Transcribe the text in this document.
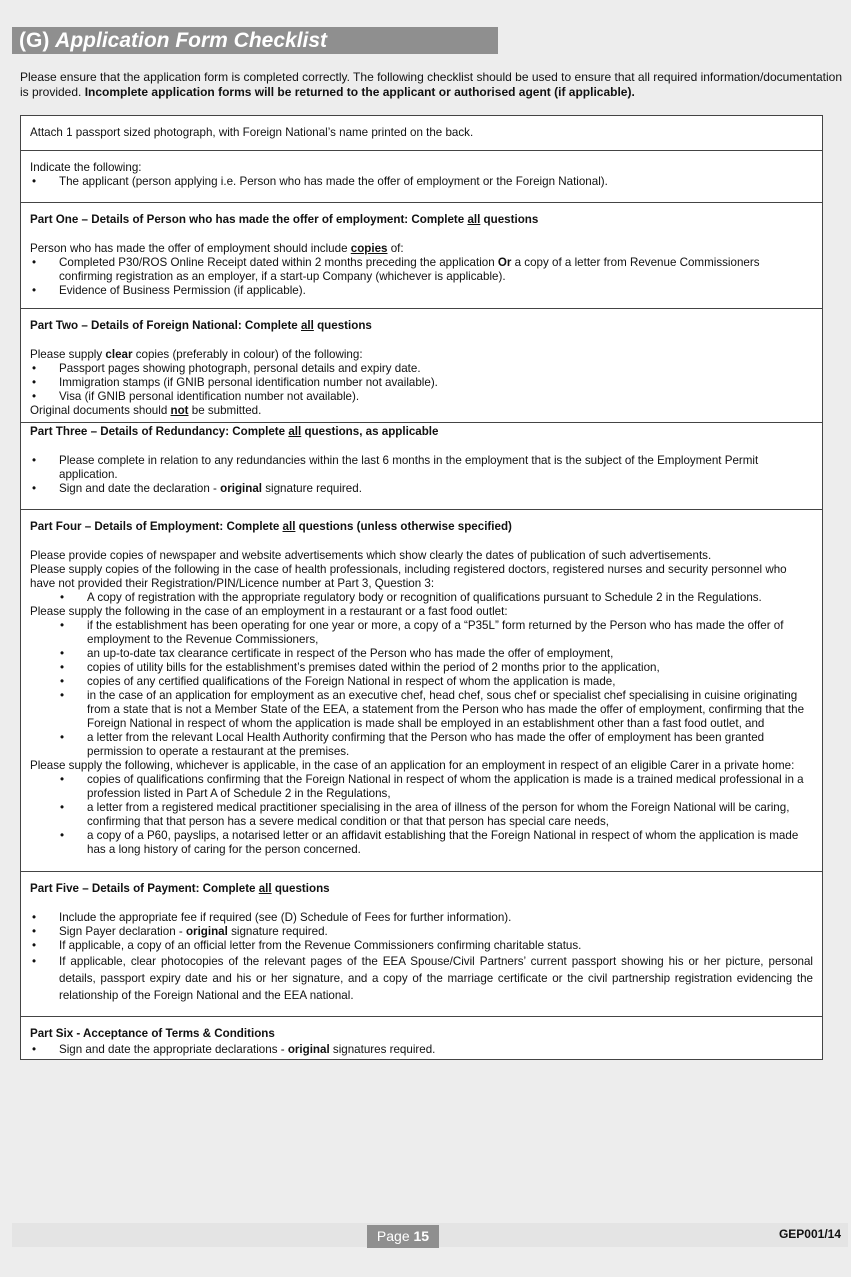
(G) Application Form Checklist
Please ensure that the application form is completed correctly. The following checklist should be used to ensure that all required information/documentation is provided. Incomplete application forms will be returned to the applicant or authorised agent (if applicable).

Attach 1 passport sized photograph, with Foreign National’s name printed on the back.

Indicate the following:

• The applicant (person applying i.e. Person who has made the offer of employment or the Foreign National).

Part One – Details of Person who has made the offer of employment: Complete all questions

Person who has made the offer of employment should include copies of:

• Completed P30/ROS Online Receipt dated within 2 months preceding the application Or a copy of a letter from Revenue Commissioners confirming registration as an employer, if a start-up Company (whichever is applicable).
• Evidence of Business Permission (if applicable).

Part Two – Details of Foreign National: Complete all questions

Please supply clear copies (preferably in colour) of the following:

• Passport pages showing photograph, personal details and expiry date.
• Immigration stamps (if GNIB personal identification number not available).
• Visa (if GNIB personal identification number not available).

Original documents should not be submitted.

Part Three – Details of Redundancy: Complete all questions, as applicable

• Please complete in relation to any redundancies within the last 6 months in the employment that is the subject of the Employment Permit application.
• Sign and date the declaration - original signature required.

Part Four – Details of Employment: Complete all questions (unless otherwise specified)

Please provide copies of newspaper and website advertisements which show clearly the dates of publication of such advertisements.

Please supply copies of the following in the case of health professionals, including registered doctors, registered nurses and security personnel who have not provided their Registration/PIN/Licence number at Part 3, Question 3:

• A copy of registration with the appropriate regulatory body or recognition of qualifications pursuant to Schedule 2 in the Regulations.

Please supply the following in the case of an employment in a restaurant or a fast food outlet:

• if the establishment has been operating for one year or more, a copy of a “P35L” form returned by the Person who has made the offer of employment to the Revenue Commissioners,
• an up-to-date tax clearance certificate in respect of the Person who has made the offer of employment,
• copies of utility bills for the establishment’s premises dated within the period of 2 months prior to the application,
• copies of any certified qualifications of the Foreign National in respect of whom the application is made,
• in the case of an application for employment as an executive chef, head chef, sous chef or specialist chef specialising in cuisine originating from a state that is not a Member State of the EEA, a statement from the Person who has made the offer of employment, confirming that the Foreign National in respect of whom the application is made shall be employed in an establishment other than a fast food outlet, and
• a letter from the relevant Local Health Authority confirming that the Person who has made the offer of employment has been granted permission to operate a restaurant at the premises.

Please supply the following, whichever is applicable, in the case of an application for an employment in respect of an eligible Carer in a private home:

• copies of qualifications confirming that the Foreign National in respect of whom the application is made is a trained medical professional in a profession listed in Part A of Schedule 2 in the Regulations,
• a letter from a registered medical practitioner specialising in the area of illness of the person for whom the Foreign National will be caring, confirming that that person has a severe medical condition or that that person has special care needs,
• a copy of a P60, payslips, a notarised letter or an affidavit establishing that the Foreign National in respect of whom the application is made has a long history of caring for the person concerned.

Part Five – Details of Payment: Complete all questions

• Include the appropriate fee if required (see (D) Schedule of Fees for further information).
• Sign Payer declaration - original signature required.
• If applicable, a copy of an official letter from the Revenue Commissioners confirming charitable status.
• If applicable, clear photocopies of the relevant pages of the EEA Spouse/Civil Partners’ current passport showing his or her picture, personal details, passport expiry date and his or her signature, and a copy of the marriage certificate or the civil partnership registration evidencing the relationship of the Foreign National and the EEA national.

Part Six - Acceptance of Terms & Conditions

• Sign and date the appropriate declarations - original signatures required.
Page 15	GEP001/14
